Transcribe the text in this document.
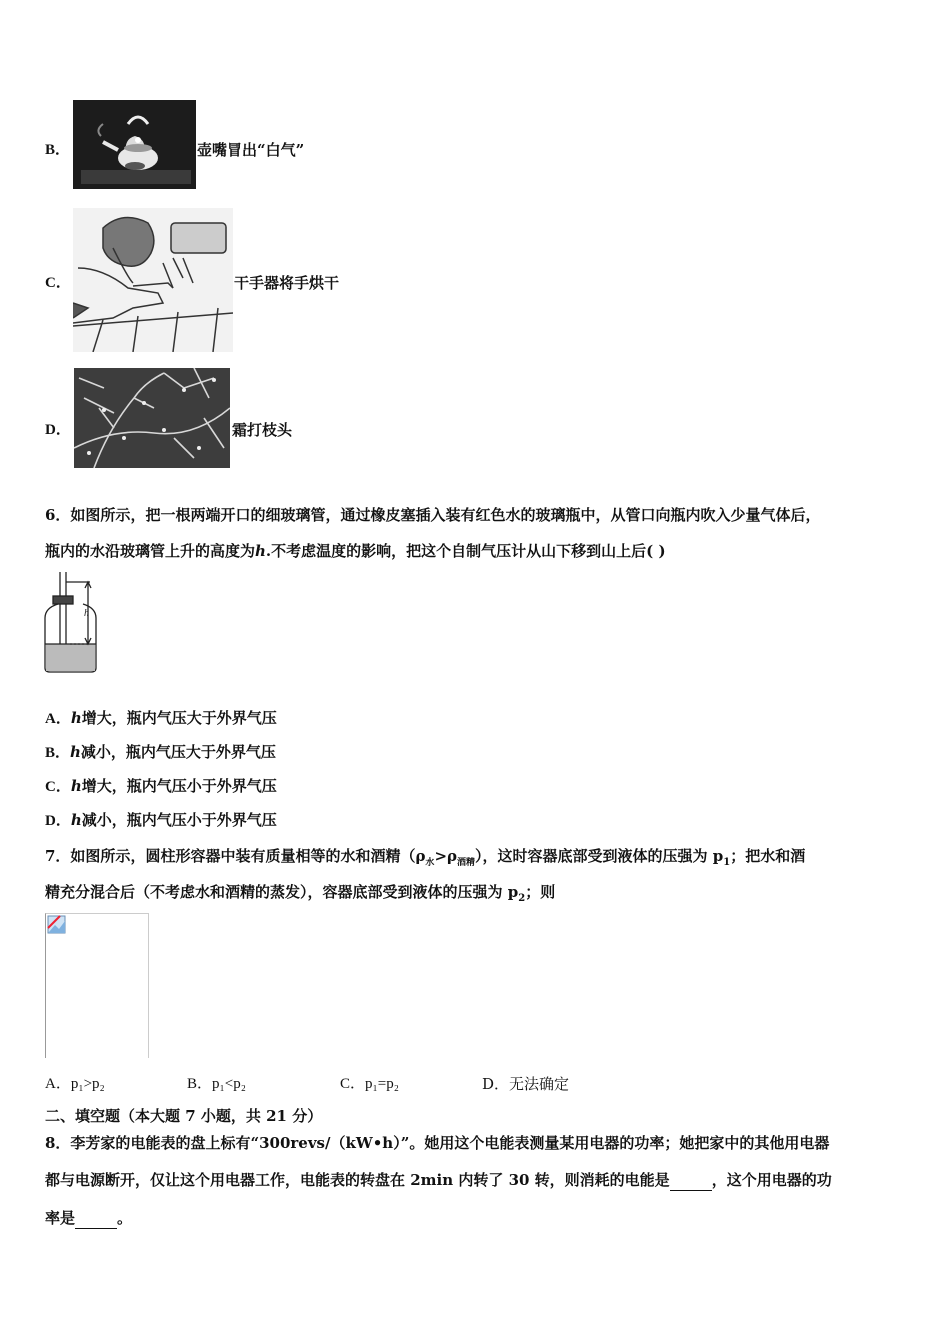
B．	壶嘴冒出“白气”
C．	干手器将手烘干
D．	霜打枝头
6．如图所示，把一根两端开口的细玻璃管，通过橡皮塞插入装有红色水的玻璃瓶中，从管口向瓶内吹入少量气体后，
瓶内的水沿玻璃管上升的高度为h.不考虑温度的影响，把这个自制气压计从山下移到山上后( )
h
A．h增大，瓶内气压大于外界气压
B．h减小，瓶内气压大于外界气压
C．h增大，瓶内气压小于外界气压
D．h减小，瓶内气压小于外界气压
7．如图所示，圆柱形容器中装有质量相等的水和酒精$(\rho_水>\rho_{酒精})$，这时容器底部受到液体的压强为 $p_1$；把水和酒
精充分混合后（不考虑水和酒精的蒸发），容器底部受到液体的压强为 $p_2$；则
A．p₁>p₂	B．p₁<p₂	C．p₁=p₂	D．无法确定
二、填空题（本大题 7 小题，共 21 分）
8．李芳家的电能表的盘上标有“300revs/（kW•h）”。她用这个电能表测量某用电器的功率；她把家中的其他用电器
都与电源断开，仅让这个用电器工作，电能表的转盘在 2min 内转了 30 转，则消耗的电能是	，这个用电器的功
率是	。
